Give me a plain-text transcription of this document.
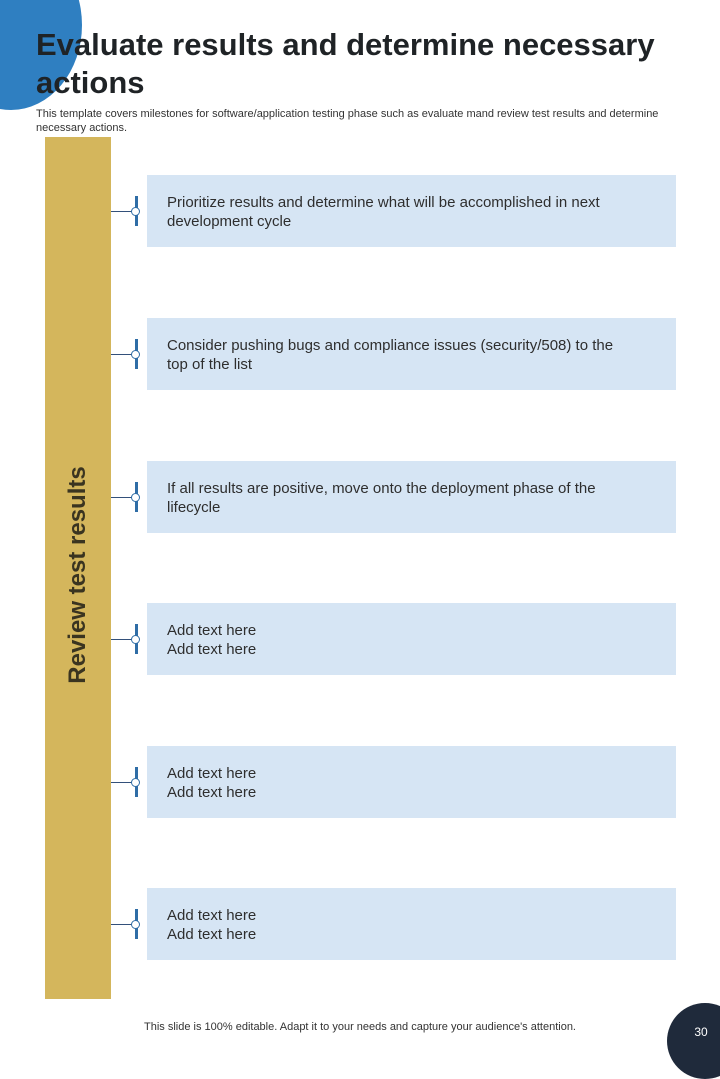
Evaluate results and determine necessary actions

This template covers milestones for software/application testing phase such as evaluate mand review test results and determine necessary actions.

Review test results
Prioritize results and determine what will be accomplished in next development cycle
Consider pushing bugs and compliance issues (security/508) to the top of the list
If all results are positive, move onto the deployment phase of the lifecycle
Add text here
Add text here
Add text here
Add text here
Add text here
Add text here
This slide is 100% editable. Adapt it to your needs and capture your audience's attention.	30
